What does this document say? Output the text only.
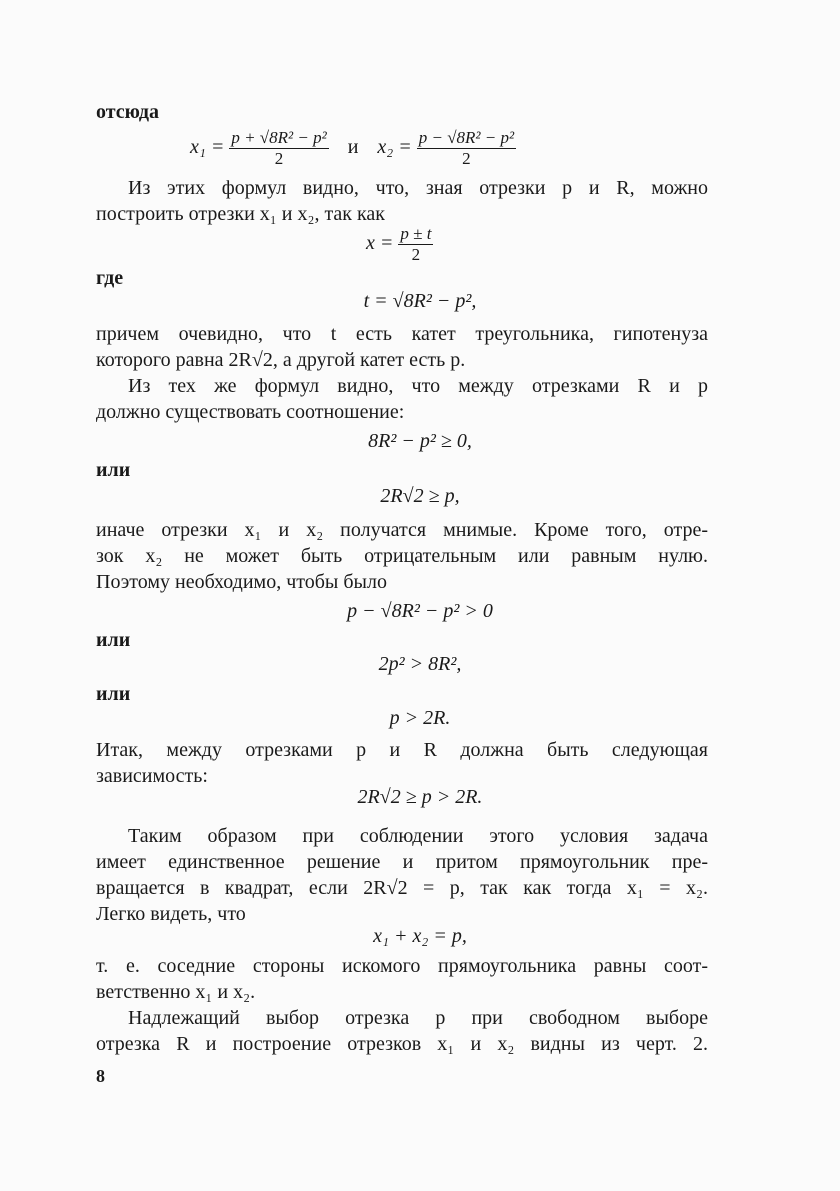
отсюда
$x_1 = \frac{\text{p + √8R² − p²}}{2}$ и $x_2 = \frac{\text{p − √8R² − p²}}{2}$
Из этих формул видно, что, зная отрезки p и R, можно
построить отрезки x₁ и x₂, так как
$x = \frac{p \pm t}{2}$
где
t = √8R² − p²,
причем очевидно, что t есть катет треугольника, гипотенуза
которого равна 2R√2, а другой катет есть p.
Из тех же формул видно, что между отрезками R и p
должно существовать соотношение:
8R² − p² ≥ 0,
или
2R√2 ≥ p,
иначе отрезки x₁ и x₂ получатся мнимые. Кроме того, отре-
зок x₂ не может быть отрицательным или равным нулю.
Поэтому необходимо, чтобы было
p − √8R² − p² > 0
или
2p² > 8R²,
или
p > 2R.
Итак, между отрезками p и R должна быть следующая
зависимость:
2R√2 ≥ p > 2R.
Таким образом при соблюдении этого условия задача
имеет единственное решение и притом прямоугольник пре-
вращается в квадрат, если 2R√2 = p, так как тогда x₁ = x₂.
Легко видеть, что
x₁ + x₂ = p,
т. е. соседние стороны искомого прямоугольника равны соот-
ветственно x₁ и x₂.
Надлежащий выбор отрезка p при свободном выборе
отрезка R и построение отрезков x₁ и x₂ видны из черт. 2.
8
